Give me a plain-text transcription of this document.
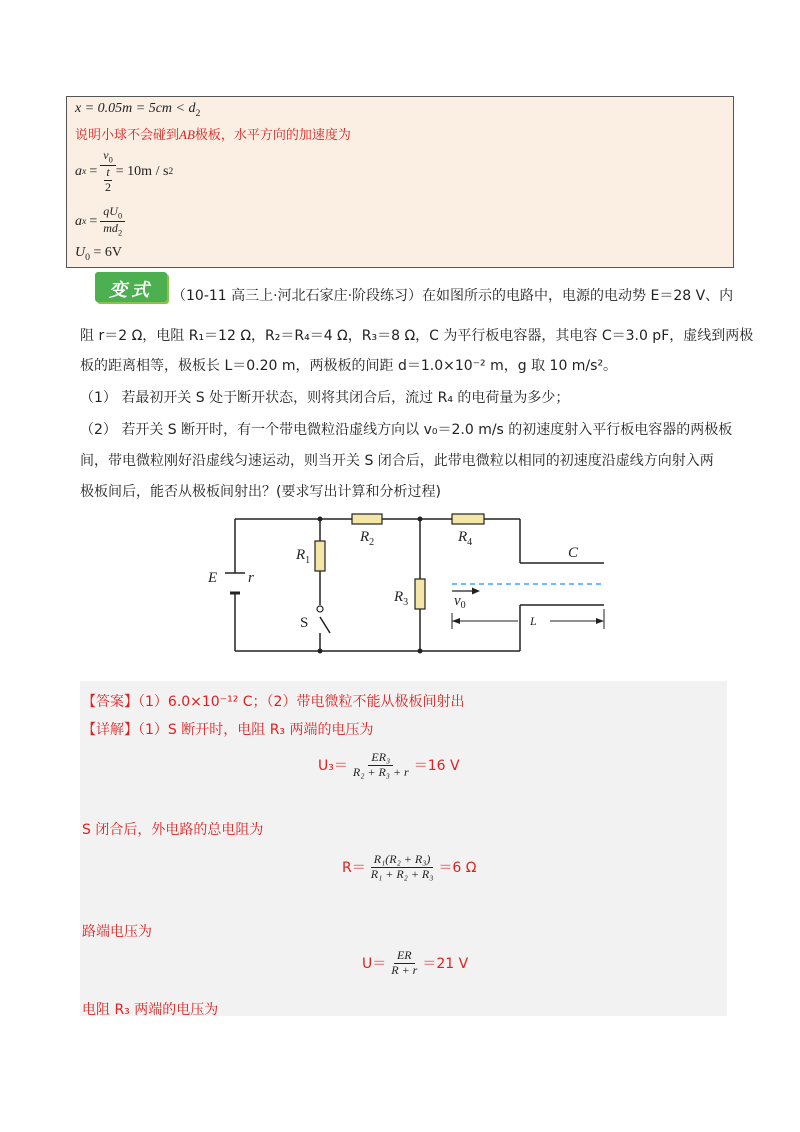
$x = 0.05m = 5cm < d_2$
说明小球不会碰到AB极板，水平方向的加速度为
a $x = v_0$
t
2 = 10m / s 2
a $x = \frac{qU_0}{md_2}$
$U_0 = 6V$
变式	（10-11 高三上·河北石家庄·阶段练习）在如图所示的电路中，电源的电动势 E＝28 V、内
阻 r＝2 Ω，电阻 R₁＝12 Ω，R₂＝R₄＝4 Ω，R₃＝8 Ω，C 为平行板电容器，其电容 C＝3.0 pF，虚线到两极
板的距离相等，极板长 L＝0.20 m，两极板的间距 d＝1.0×10⁻² m，g 取 10 m/s²。
（1） 若最初开关 S 处于断开状态，则将其闭合后，流过 R₄ 的电荷量为多少；
（2） 若开关 S 断开时，有一个带电微粒沿虚线方向以 v₀＝2.0 m/s 的初速度射入平行板电容器的两极板
间，带电微粒刚好沿虚线匀速运动，则当开关 S 闭合后，此带电微粒以相同的初速度沿虚线方向射入两
极板间后，能否从极板间射出？(要求写出计算和分析过程)
E r
$R_1$
$R_2$
$R_3$
$R_4$
S
C
$v_0$
L
【答案】（1）6.0×10⁻¹² C；（2）带电微粒不能从极板间射出
【详解】（1）S 断开时，电阻 R₃ 两端的电压为
$U_3= \frac{\text{ER₃}}{\text{R₂ + R₃ + r}} =16$ V
S 闭合后，外电路的总电阻为
$R= \frac{\text{R₁(R₂ + R₃)}}{\text{R₁ + R₂ + R₃}} =6$ Ω
路端电压为
$U= \frac{ER}{R + r} =21$ V
电阻 R₃ 两端的电压为
